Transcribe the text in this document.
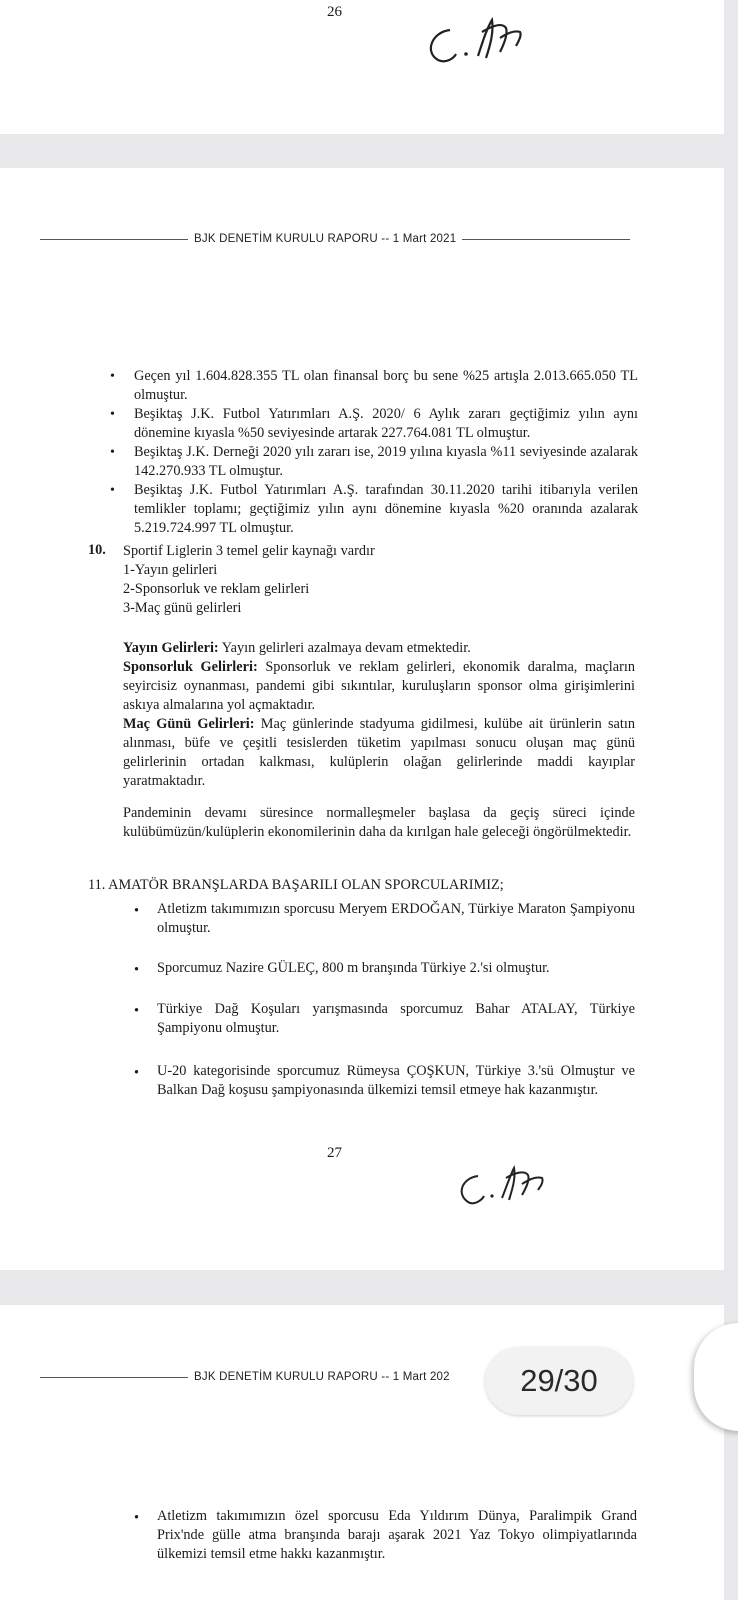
26
BJK DENETİM KURULU RAPORU -- 1 Mart 2021
• Geçen yıl 1.604.828.355 TL olan finansal borç bu sene %25 artışla 2.013.665.050 TL olmuştur.
• Beşiktaş J.K. Futbol Yatırımları A.Ş. 2020/ 6 Aylık zararı geçtiğimiz yılın aynı dönemine kıyasla %50 seviyesinde artarak 227.764.081 TL olmuştur.
• Beşiktaş J.K. Derneği 2020 yılı zararı ise, 2019 yılına kıyasla %11 seviyesinde azalarak 142.270.933 TL olmuştur.
• Beşiktaş J.K. Futbol Yatırımları A.Ş. tarafından 30.11.2020 tarihi itibarıyla verilen temlikler toplamı; geçtiğimiz yılın aynı dönemine kıyasla %20 oranında azalarak 5.219.724.997 TL olmuştur.
10. Sportif Liglerin 3 temel gelir kaynağı vardır
1-Yayın gelirleri
2-Sponsorluk ve reklam gelirleri
3-Maç günü gelirleri
Yayın Gelirleri: Yayın gelirleri azalmaya devam etmektedir.
Sponsorluk Gelirleri: Sponsorluk ve reklam gelirleri, ekonomik daralma, maçların seyircisiz oynanması, pandemi gibi sıkıntılar, kuruluşların sponsor olma girişimlerini askıya almalarına yol açmaktadır.
Maç Günü Gelirleri: Maç günlerinde stadyuma gidilmesi, kulübe ait ürünlerin satın alınması, büfe ve çeşitli tesislerden tüketim yapılması sonucu oluşan maç günü gelirlerinin ortadan kalkması, kulüplerin olağan gelirlerinde maddi kayıplar yaratmaktadır.
Pandeminin devamı süresince normalleşmeler başlasa da geçiş süreci içinde kulübümüzün/kulüplerin ekonomilerinin daha da kırılgan hale geleceği öngörülmektedir.
11. AMATÖR BRANŞLARDA BAŞARILI OLAN SPORCULARIMIZ;
• Atletizm takımımızın sporcusu Meryem ERDOĞAN, Türkiye Maraton Şampiyonu olmuştur.
• Sporcumuz Nazire GÜLEÇ, 800 m branşında Türkiye 2.'si olmuştur.
• Türkiye Dağ Koşuları yarışmasında sporcumuz Bahar ATALAY, Türkiye Şampiyonu olmuştur.
• U-20 kategorisinde sporcumuz Rümeysa ÇOŞKUN, Türkiye 3.'sü Olmuştur ve Balkan Dağ koşusu şampiyonasında ülkemizi temsil etmeye hak kazanmıştır.
27
BJK DENETİM KURULU RAPORU -- 1 Mart 202
• Atletizm takımımızın özel sporcusu Eda Yıldırım Dünya, Paralimpik Grand Prix'nde gülle atma branşında barajı aşarak 2021 Yaz Tokyo olimpiyatlarında ülkemizi temsil etme hakkı kazanmıştır.
29/30
